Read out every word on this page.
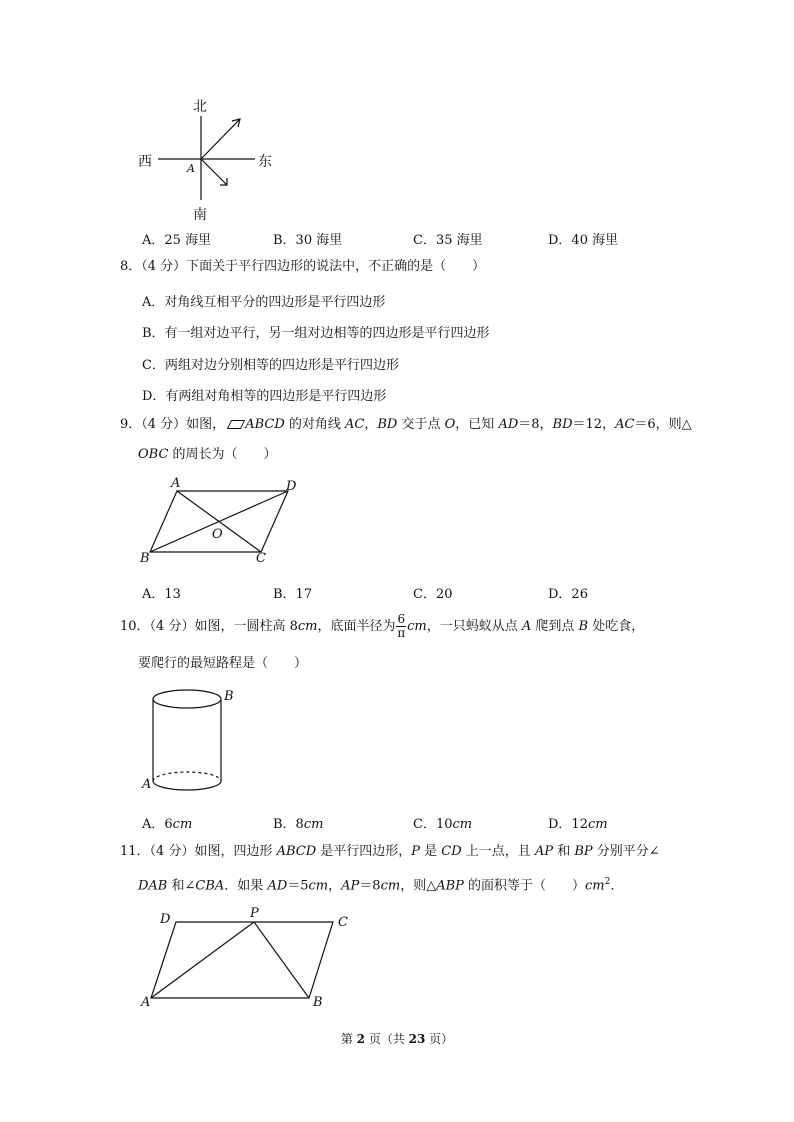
北
西	东
南
A
A．25 海里	B．30 海里	C．35 海里	D．40 海里
8．（4 分）下面关于平行四边形的说法中，不正确的是（　　）
A．对角线互相平分的四边形是平行四边形
B．有一组对边平行，另一组对边相等的四边形是平行四边形
C．两组对边分别相等的四边形是平行四边形
D．有两组对角相等的四边形是平行四边形
9．（4 分）如图， ABCD 的对角线 AC，BD 交于点 O，已知 AD＝8，BD＝12，AC＝6，则△
OBC 的周长为（　　）
A	D
B	C
O
A．13	B．17	C．20	D．26
10．（4 分）如图，一圆柱高 8cm，底面半径为 $\frac{6}{\pi}$ cm，一只蚂蚁从点 A 爬到点 B 处吃食，
要爬行的最短路程是（　　）
B
A
A．6cm	B．8cm	C．10cm	D．12cm
11．（4 分）如图，四边形 ABCD 是平行四边形，P 是 CD 上一点，且 AP 和 BP 分别平分∠
DAB 和∠CBA．如果 AD＝5cm，AP＝8cm，则△ABP 的面积等于（　　）$cm^2$．
D	P
C
A	B
第 2 页（共 23 页）
